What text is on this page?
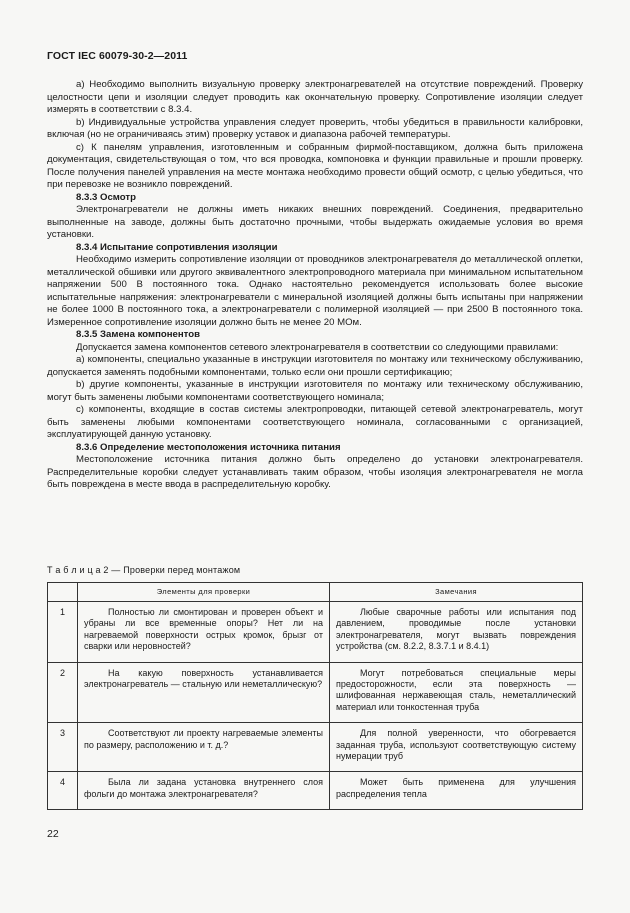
ГОСТ IEC 60079-30-2—2011

а) Необходимо выполнить визуальную проверку электронагревателей на отсутствие повреждений. Проверку целостности цепи и изоляции следует проводить как окончательную проверку. Сопротивление изоляции следует измерять в соответствии с 8.3.4.

b) Индивидуальные устройства управления следует проверить, чтобы убедиться в правильности калибровки, включая (но не ограничиваясь этим) проверку уставок и диапазона рабочей температуры.

с) К панелям управления, изготовленным и собранным фирмой-поставщиком, должна быть приложена документация, свидетельствующая о том, что вся проводка, компоновка и функции правильные и прошли проверку. После получения панелей управления на месте монтажа необходимо провести общий осмотр, с целью убедиться, что при перевозке не возникло повреждений.

8.3.3 Осмотр

Электронагреватели не должны иметь никаких внешних повреждений. Соединения, предварительно выполненные на заводе, должны быть достаточно прочными, чтобы выдержать ожидаемые условия во время установки.

8.3.4 Испытание сопротивления изоляции

Необходимо измерить сопротивление изоляции от проводников электронагревателя до металлической оплетки, металлической обшивки или другого эквивалентного электропроводного материала при минимальном испытательном напряжении 500 В постоянного тока. Однако настоятельно рекомендуется использовать более высокие испытательные напряжения: электронагреватели с минеральной изоляцией должны быть испытаны при напряжении не более 1000 В постоянного тока, а электронагреватели с полимерной изоляцией — при 2500 В постоянного тока. Измеренное сопротивление изоляции должно быть не менее 20 МОм.

8.3.5 Замена компонентов

Допускается замена компонентов сетевого электронагревателя в соответствии со следующими правилами:

а) компоненты, специально указанные в инструкции изготовителя по монтажу или техническому обслуживанию, допускается заменять подобными компонентами, только если они прошли сертификацию;

b) другие компоненты, указанные в инструкции изготовителя по монтажу или техническому обслуживанию, могут быть заменены любыми компонентами соответствующего номинала;

с) компоненты, входящие в состав системы электропроводки, питающей сетевой электронагреватель, могут быть заменены любыми компонентами соответствующего номинала, согласованными с организацией, эксплуатирующей данную установку.

8.3.6 Определение местоположения источника питания

Местоположение источника питания должно быть определено до установки электронагревателя. Распределительные коробки следует устанавливать таким образом, чтобы изоляция электронагревателя не могла быть повреждена в месте ввода в распределительную коробку.

Т а б л и ц а 2 — Проверки перед монтажом
	Элементы для проверки	Замечания
1	Полностью ли смонтирован и проверен объект и убраны ли все временные опоры? Нет ли на нагреваемой поверхности острых кромок, брызг от сварки или неровностей?	Любые сварочные работы или испытания под давлением, проводимые после установки электронагревателя, могут вызвать повреждения устройства (см. 8.2.2, 8.3.7.1 и 8.4.1)
2	На какую поверхность устанавливается электронагреватель — стальную или неметаллическую?	Могут потребоваться специальные меры предосторожности, если эта поверхность — шлифованная нержавеющая сталь, неметаллический материал или тонкостенная труба
3	Соответствуют ли проекту нагреваемые элементы по размеру, расположению и т. д.?	Для полной уверенности, что обогревается заданная труба, используют соответствующую систему нумерации труб
4	Была ли задана установка внутреннего слоя фольги до монтажа электронагревателя?	Может быть применена для улучшения распределения тепла
22
